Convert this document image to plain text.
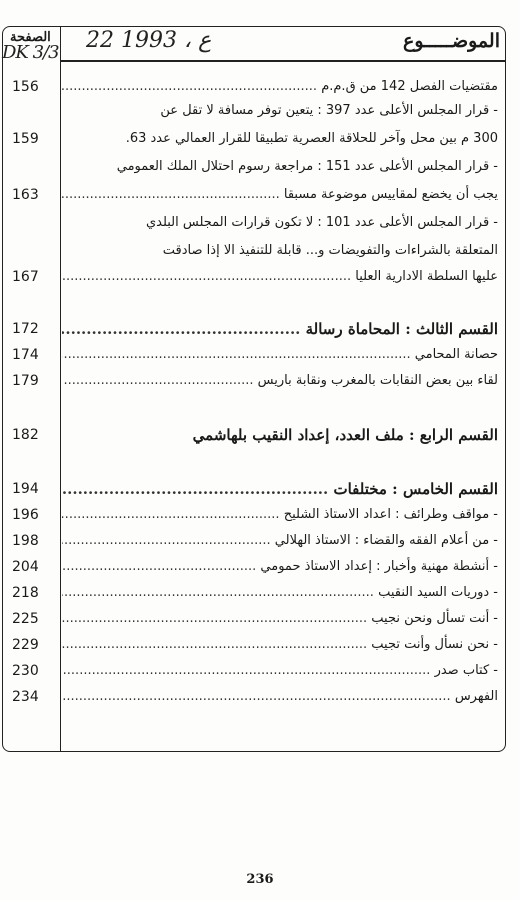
الصفحة
DK 3/3 22 ع ، 1993	الموضـــــوع
مقتضيات الفصل 142 من ق.م.م .....
156
- قرار المجلس الأعلى عدد 397 : يتعين توفر مسافة لا تقل عن
300 م بين محل وآخر للحلاقة العصرية تطبيقا للقرار العمالي عدد 63.
159
- قرار المجلس الأعلى عدد 151 : مراجعة رسوم احتلال الملك العمومي
يجب أن يخضع لمقاييس موضوعة مسبقا .....
163
- قرار المجلس الأعلى عدد 101 : لا تكون قرارات المجلس البلدي
المتعلقة بالشراءات والتفويضات و... قابلة للتنفيذ الا إذا صادقت
عليها السلطة الادارية العليا .....
167
القسم الثالث : المحاماة رسالة .....
172
حصانة المحامي .....
174
لقاء بين بعض النقابات بالمغرب ونقابة باريس .....
179
القسم الرابع : ملف العدد، إعداد النقيب بلهاشمي
182
القسم الخامس : مختلفات .....
194
- مواقف وطرائف : اعداد الاستاذ الشليح .....
196
- من أعلام الفقه والقضاء : الاستاذ الهلالي .....
198
- أنشطة مهنية وأخبار : إعداد الاستاذ حمومي .....
204
- دوريات السيد النقيب .....
218
- أنت تسأل ونحن نجيب .....
225
- نحن نسأل وأنت تجيب .....
229
- كتاب صدر .....
230
الفهرس .....
234
236
